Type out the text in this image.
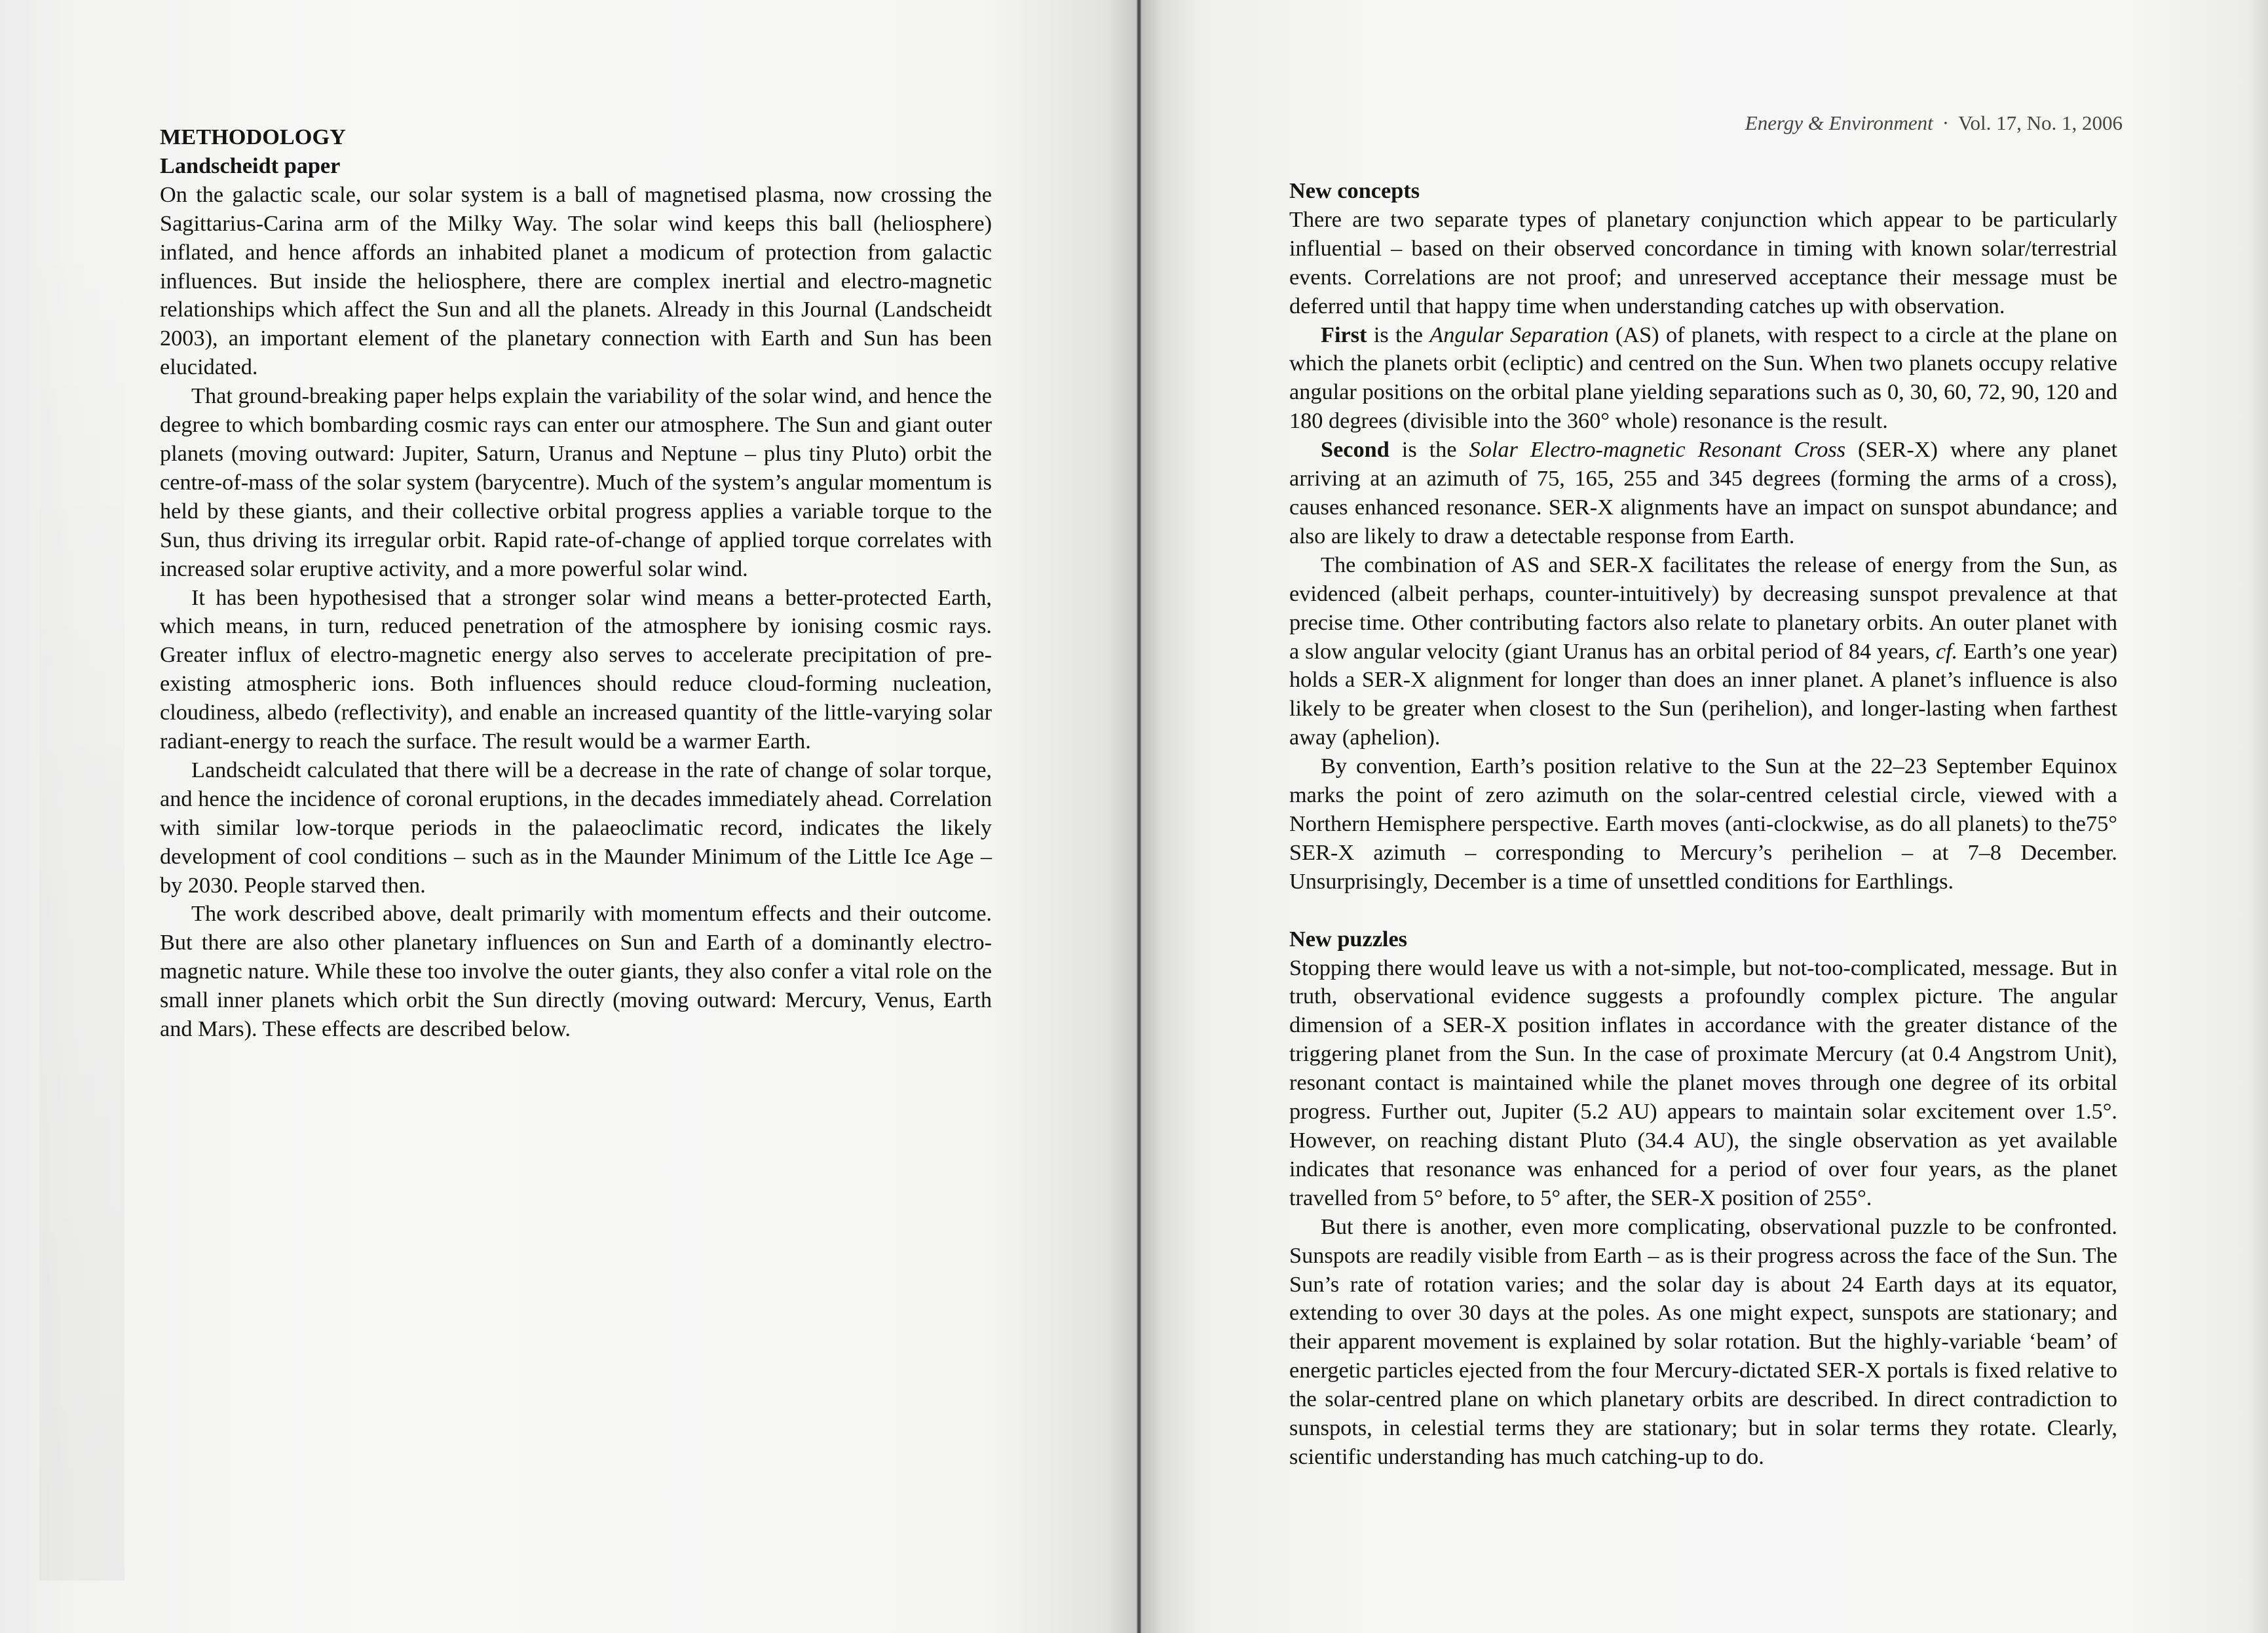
METHODOLOGY
Landscheidt paper

On the galactic scale, our solar system is a ball of magnetised plasma, now crossing the Sagittarius-Carina arm of the Milky Way. The solar wind keeps this ball (heliosphere) inflated, and hence affords an inhabited planet a modicum of protection from galactic influences. But inside the heliosphere, there are complex inertial and electro-magnetic relationships which affect the Sun and all the planets. Already in this Journal (Landscheidt 2003), an important element of the planetary connection with Earth and Sun has been elucidated.

That ground-breaking paper helps explain the variability of the solar wind, and hence the degree to which bombarding cosmic rays can enter our atmosphere. The Sun and giant outer planets (moving outward: Jupiter, Saturn, Uranus and Neptune – plus tiny Pluto) orbit the centre-of-mass of the solar system (barycentre). Much of the system’s angular momentum is held by these giants, and their collective orbital progress applies a variable torque to the Sun, thus driving its irregular orbit. Rapid rate-of-change of applied torque correlates with increased solar eruptive activity, and a more powerful solar wind.

It has been hypothesised that a stronger solar wind means a better-protected Earth, which means, in turn, reduced penetration of the atmosphere by ionising cosmic rays. Greater influx of electro-magnetic energy also serves to accelerate precipitation of pre-existing atmospheric ions. Both influences should reduce cloud-forming nucleation, cloudiness, albedo (reflectivity), and enable an increased quantity of the little-varying solar radiant-energy to reach the surface. The result would be a warmer Earth.

Landscheidt calculated that there will be a decrease in the rate of change of solar torque, and hence the incidence of coronal eruptions, in the decades immediately ahead. Correlation with similar low-torque periods in the palaeoclimatic record, indicates the likely development of cool conditions – such as in the Maunder Minimum of the Little Ice Age – by 2030. People starved then.

The work described above, dealt primarily with momentum effects and their outcome. But there are also other planetary influences on Sun and Earth of a dominantly electro-magnetic nature. While these too involve the outer giants, they also confer a vital role on the small inner planets which orbit the Sun directly (moving outward: Mercury, Venus, Earth and Mars). These effects are described below.

Energy & Environment · Vol. 17, No. 1, 2006
New concepts

There are two separate types of planetary conjunction which appear to be particularly influential – based on their observed concordance in timing with known solar/terrestrial events. Correlations are not proof; and unreserved acceptance their message must be deferred until that happy time when understanding catches up with observation.

First is the Angular Separation (AS) of planets, with respect to a circle at the plane on which the planets orbit (ecliptic) and centred on the Sun. When two planets occupy relative angular positions on the orbital plane yielding separations such as 0, 30, 60, 72, 90, 120 and 180 degrees (divisible into the 360° whole) resonance is the result.

Second is the Solar Electro-magnetic Resonant Cross (SER-X) where any planet arriving at an azimuth of 75, 165, 255 and 345 degrees (forming the arms of a cross), causes enhanced resonance. SER-X alignments have an impact on sunspot abundance; and also are likely to draw a detectable response from Earth.

The combination of AS and SER-X facilitates the release of energy from the Sun, as evidenced (albeit perhaps, counter-intuitively) by decreasing sunspot prevalence at that precise time. Other contributing factors also relate to planetary orbits. An outer planet with a slow angular velocity (giant Uranus has an orbital period of 84 years, cf. Earth’s one year) holds a SER-X alignment for longer than does an inner planet. A planet’s influence is also likely to be greater when closest to the Sun (perihelion), and longer-lasting when farthest away (aphelion).

By convention, Earth’s position relative to the Sun at the 22–23 September Equinox marks the point of zero azimuth on the solar-centred celestial circle, viewed with a Northern Hemisphere perspective. Earth moves (anti-clockwise, as do all planets) to the75° SER-X azimuth – corresponding to Mercury’s perihelion – at 7–8 December. Unsurprisingly, December is a time of unsettled conditions for Earthlings.

New puzzles

Stopping there would leave us with a not-simple, but not-too-complicated, message. But in truth, observational evidence suggests a profoundly complex picture. The angular dimension of a SER-X position inflates in accordance with the greater distance of the triggering planet from the Sun. In the case of proximate Mercury (at 0.4 Angstrom Unit), resonant contact is maintained while the planet moves through one degree of its orbital progress. Further out, Jupiter (5.2 AU) appears to maintain solar excitement over 1.5°. However, on reaching distant Pluto (34.4 AU), the single observation as yet available indicates that resonance was enhanced for a period of over four years, as the planet travelled from 5° before, to 5° after, the SER-X position of 255°.

But there is another, even more complicating, observational puzzle to be confronted. Sunspots are readily visible from Earth – as is their progress across the face of the Sun. The Sun’s rate of rotation varies; and the solar day is about 24 Earth days at its equator, extending to over 30 days at the poles. As one might expect, sunspots are stationary; and their apparent movement is explained by solar rotation. But the highly-variable ‘beam’ of energetic particles ejected from the four Mercury-dictated SER-X portals is fixed relative to the solar-centred plane on which planetary orbits are described. In direct contradiction to sunspots, in celestial terms they are stationary; but in solar terms they rotate. Clearly, scientific understanding has much catching-up to do.
